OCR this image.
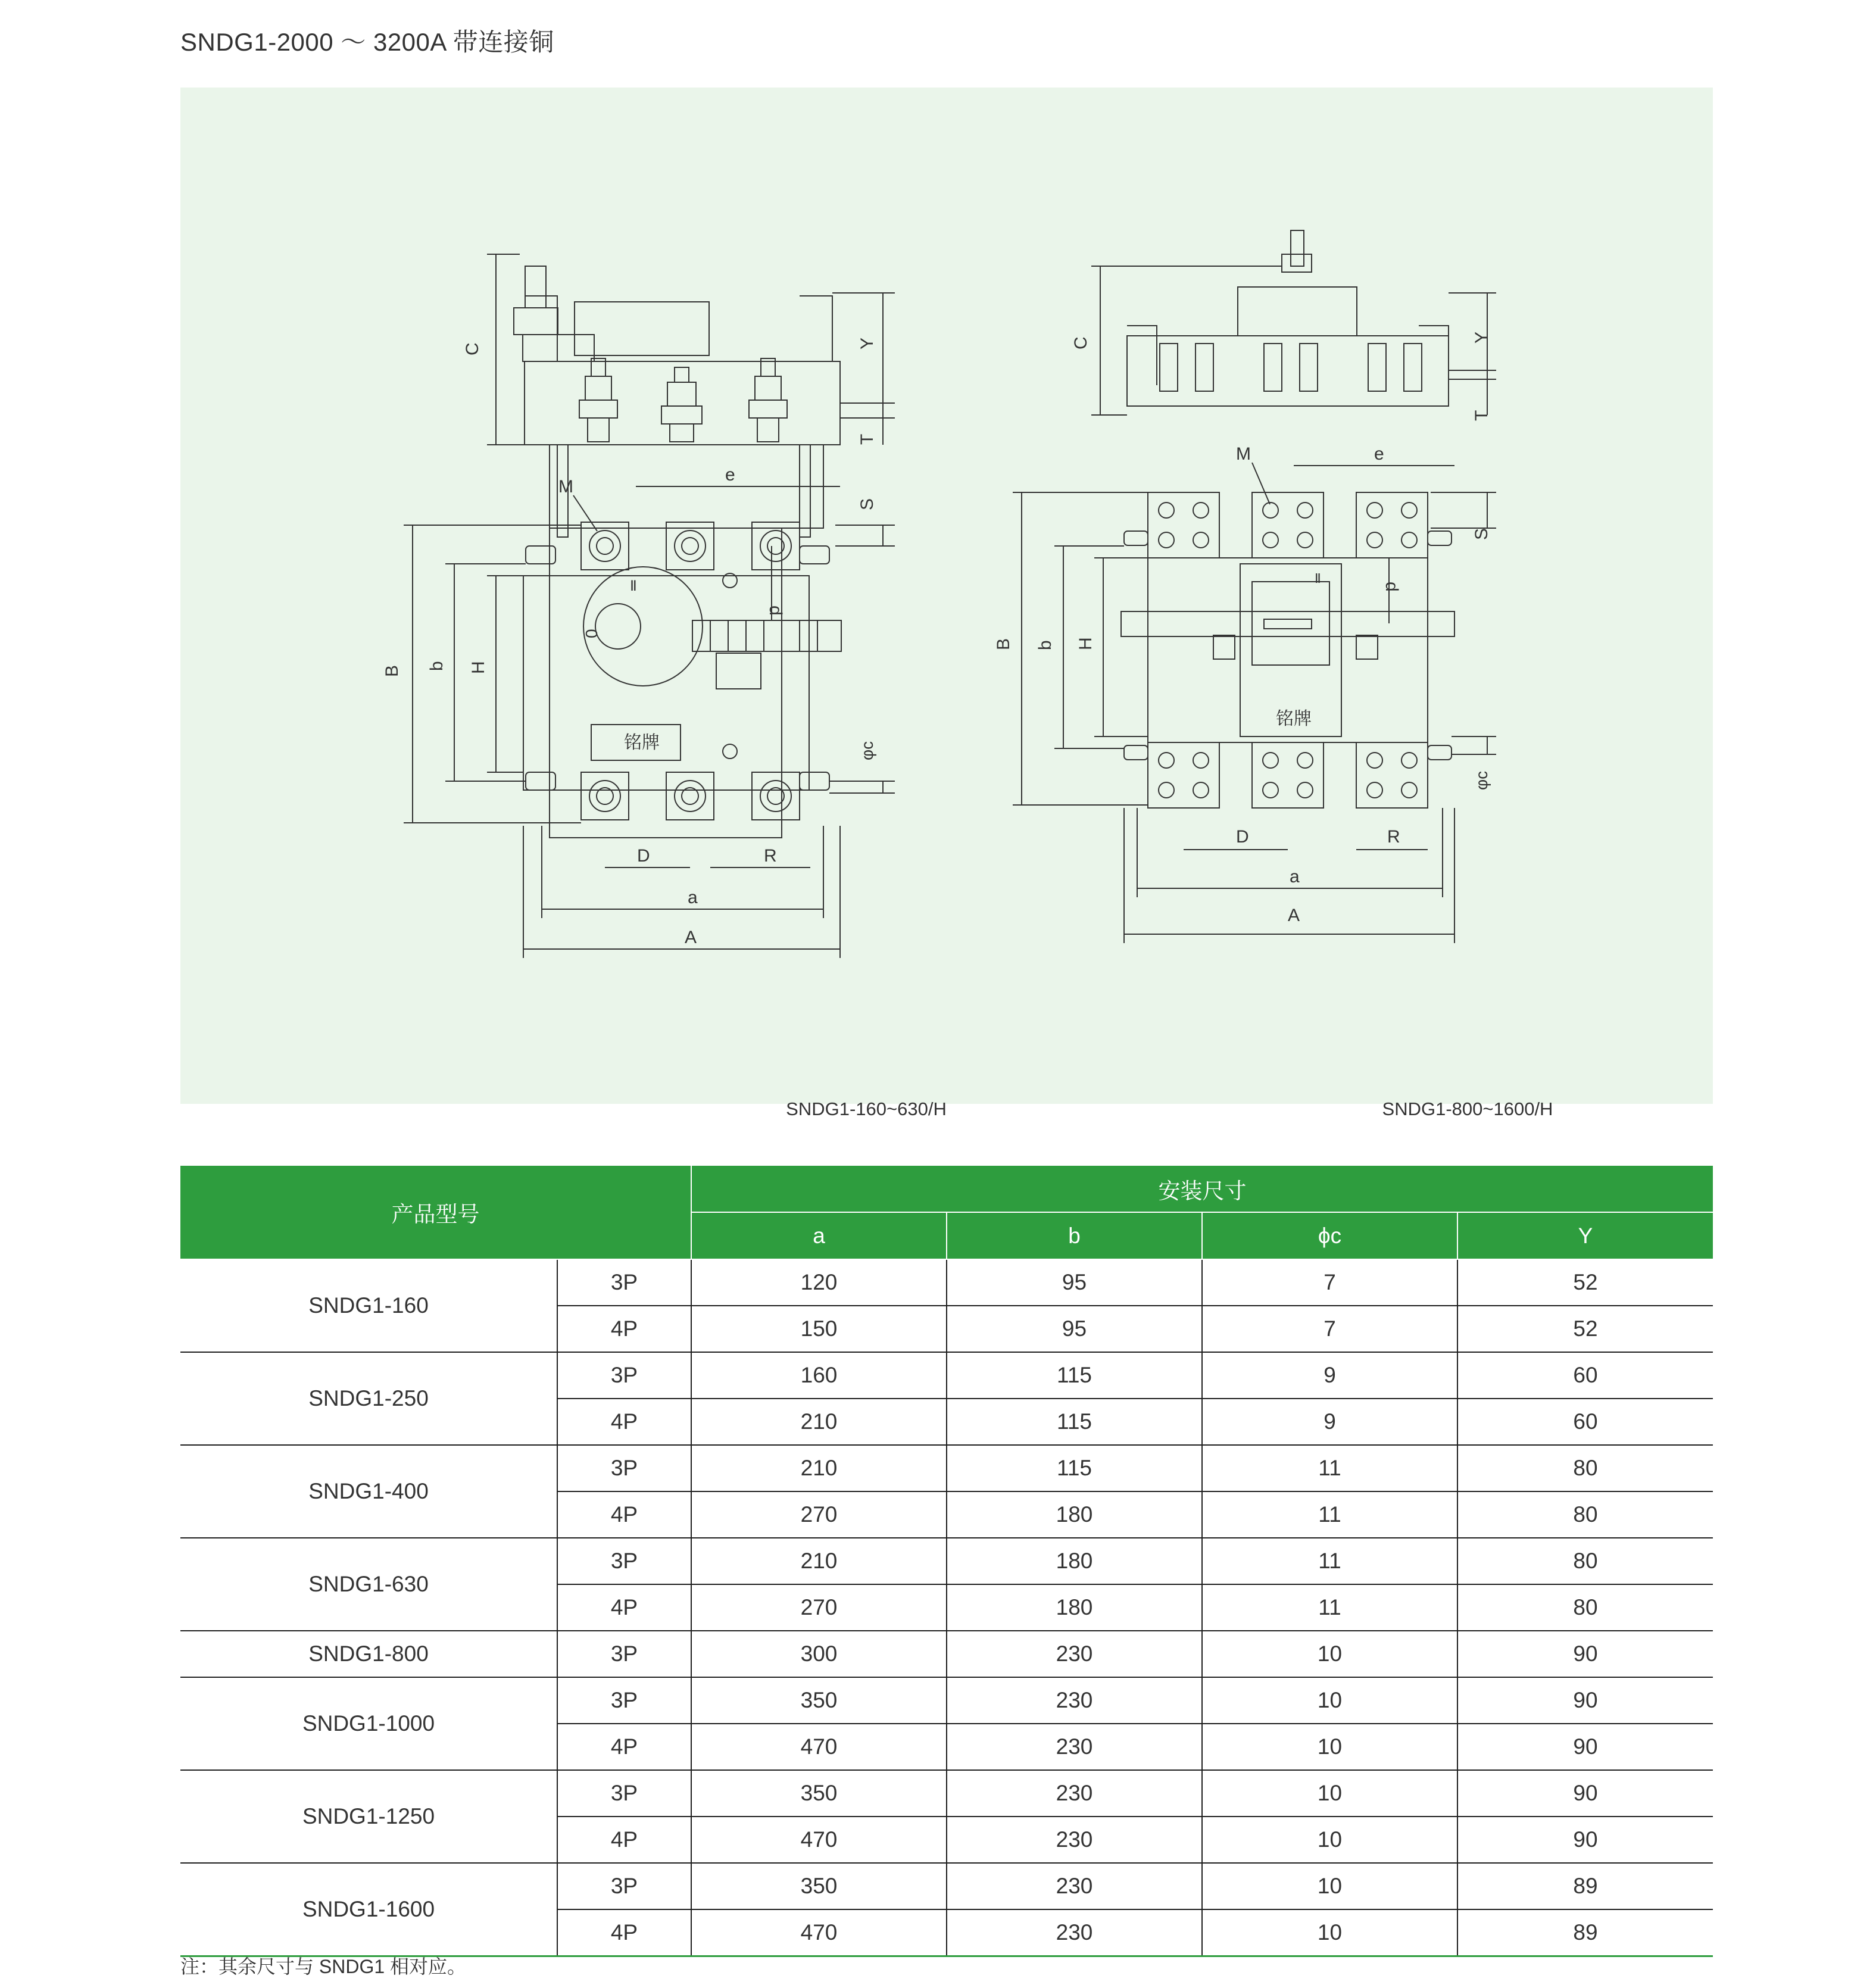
SNDG1-2000 ～ 3200A 带连接铜
C	Y
T
铭牌
0
Ⅱ
B b H
e
M
S
d
φc
D	R
a
A
C	Y
T
铭牌
Ⅱ
B b H
e
M
S
d
φc
D	R
a
A
SNDG1-160~630/H	SNDG1-800~1600/H
产品型号		安装尺寸			
		a	b	ϕc	Y
SNDG1-160	3P	120	95	7	52
	4P	150	95	7	52
SNDG1-250	3P	160	115	9	60
	4P	210	115	9	60
SNDG1-400	3P	210	115	11	80
	4P	270	180	11	80
SNDG1-630	3P	210	180	11	80
	4P	270	180	11	80
SNDG1-800	3P	300	230	10	90
SNDG1-1000	3P	350	230	10	90
	4P	470	230	10	90
SNDG1-1250	3P	350	230	10	90
	4P	470	230	10	90
SNDG1-1600	3P	350	230	10	89
	4P	470	230	10	89
注：其余尺寸与 SNDG1 相对应。
